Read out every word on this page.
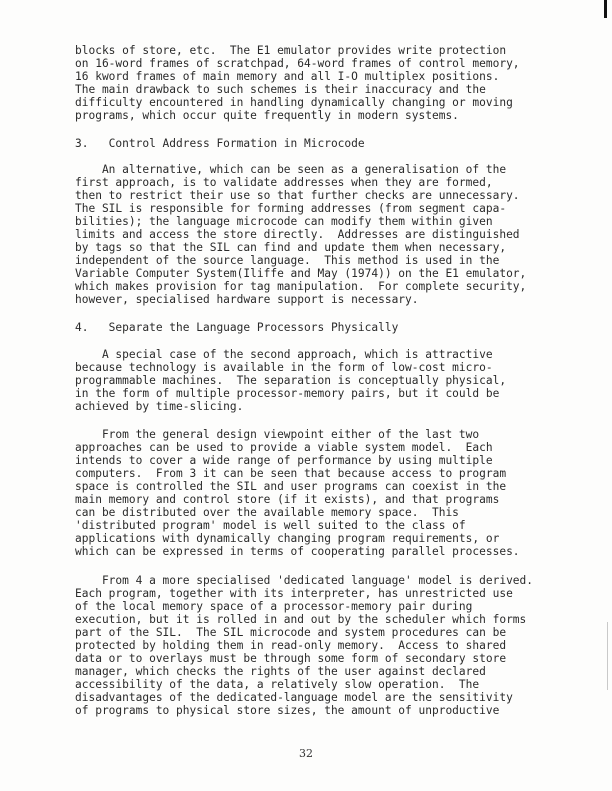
blocks of store, etc.  The E1 emulator provides write protection
on 16-word frames of scratchpad, 64-word frames of control memory,
16 kword frames of main memory and all I-O multiplex positions.
The main drawback to such schemes is their inaccuracy and the
difficulty encountered in handling dynamically changing or moving
programs, which occur quite frequently in modern systems.
3.   Control Address Formation in Microcode
An alternative, which can be seen as a generalisation of the
first approach, is to validate addresses when they are formed,
then to restrict their use so that further checks are unnecessary.
The SIL is responsible for forming addresses (from segment capa-
bilities); the language microcode can modify them within given
limits and access the store directly.  Addresses are distinguished
by tags so that the SIL can find and update them when necessary,
independent of the source language.  This method is used in the
Variable Computer System(Iliffe and May (1974)) on the E1 emulator,
which makes provision for tag manipulation.  For complete security,
however, specialised hardware support is necessary.
4.   Separate the Language Processors Physically
A special case of the second approach, which is attractive
because technology is available in the form of low-cost micro-
programmable machines.  The separation is conceptually physical,
in the form of multiple processor-memory pairs, but it could be
achieved by time-slicing.
From the general design viewpoint either of the last two
approaches can be used to provide a viable system model.  Each
intends to cover a wide range of performance by using multiple
computers.  From 3 it can be seen that because access to program
space is controlled the SIL and user programs can coexist in the
main memory and control store (if it exists), and that programs
can be distributed over the available memory space.  This
'distributed program' model is well suited to the class of
applications with dynamically changing program requirements, or
which can be expressed in terms of cooperating parallel processes.
From 4 a more specialised 'dedicated language' model is derived.
Each program, together with its interpreter, has unrestricted use
of the local memory space of a processor-memory pair during
execution, but it is rolled in and out by the scheduler which forms
part of the SIL.  The SIL microcode and system procedures can be
protected by holding them in read-only memory.  Access to shared
data or to overlays must be through some form of secondary store
manager, which checks the rights of the user against declared
accessibility of the data, a relatively slow operation.  The
disadvantages of the dedicated-language model are the sensitivity
of programs to physical store sizes, the amount of unproductive
32
